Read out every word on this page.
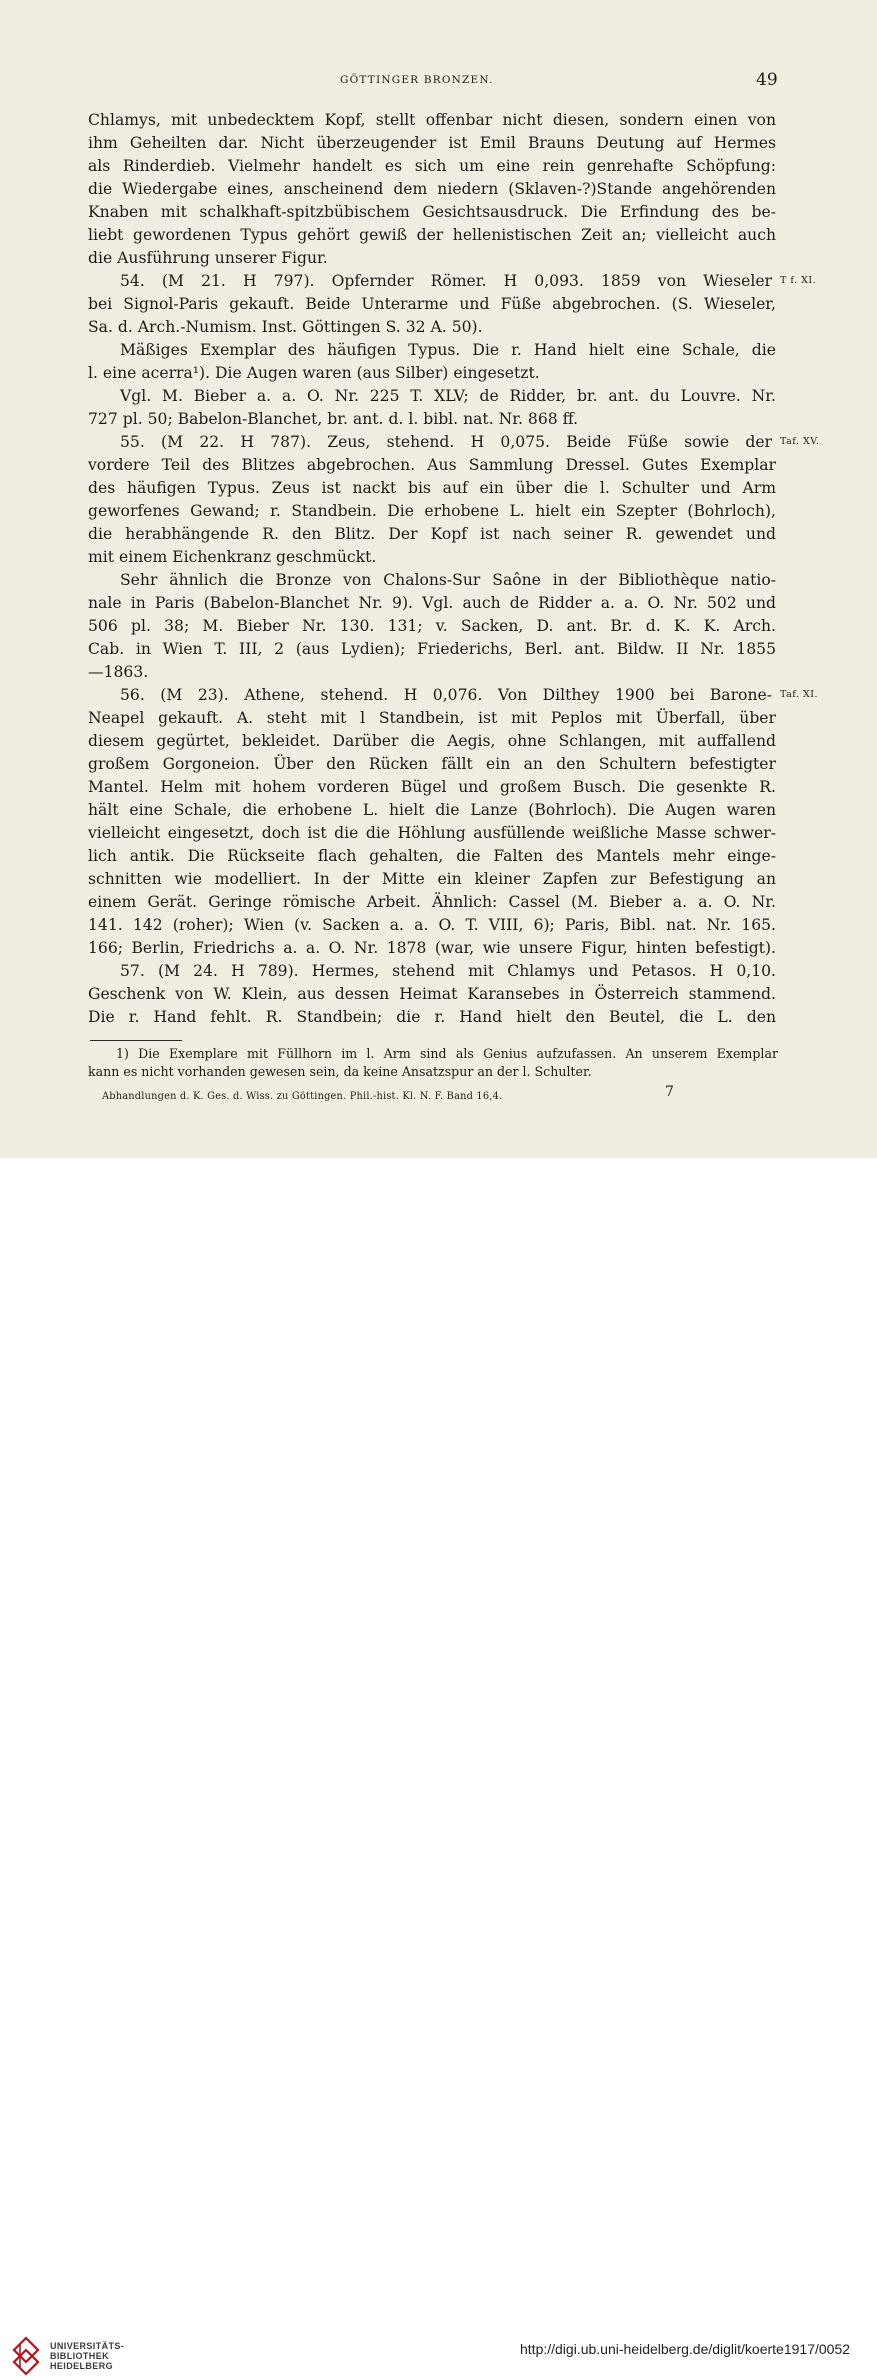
GÖTTINGER BRONZEN.	49
Chlamys, mit unbedecktem Kopf, stellt offenbar nicht diesen, sondern einen von
ihm Geheilten dar. Nicht überzeugender ist Emil Brauns Deutung auf Hermes
als Rinderdieb. Vielmehr handelt es sich um eine rein genrehafte Schöpfung:
die Wiedergabe eines, anscheinend dem niedern (Sklaven-?)Stande angehörenden
Knaben mit schalkhaft-spitzbübischem Gesichtsausdruck. Die Erfindung des be-
liebt gewordenen Typus gehört gewiß der hellenistischen Zeit an; vielleicht auch
die Ausführung unserer Figur.
54. (M 21. H 797). Opfernder Römer. H 0,093. 1859 von Wieseler T f. XI.
bei Signol-Paris gekauft. Beide Unterarme und Füße abgebrochen. (S. Wieseler,
Sa. d. Arch.-Numism. Inst. Göttingen S. 32 A. 50).
Mäßiges Exemplar des häufigen Typus. Die r. Hand hielt eine Schale, die
l. eine acerra¹). Die Augen waren (aus Silber) eingesetzt.
Vgl. M. Bieber a. a. O. Nr. 225 T. XLV; de Ridder, br. ant. du Louvre. Nr.
727 pl. 50; Babelon-Blanchet, br. ant. d. l. bibl. nat. Nr. 868 ff.
55. (M 22. H 787). Zeus, stehend. H 0,075. Beide Füße sowie der Taf. XV.
vordere Teil des Blitzes abgebrochen. Aus Sammlung Dressel. Gutes Exemplar
des häufigen Typus. Zeus ist nackt bis auf ein über die l. Schulter und Arm
geworfenes Gewand; r. Standbein. Die erhobene L. hielt ein Szepter (Bohrloch),
die herabhängende R. den Blitz. Der Kopf ist nach seiner R. gewendet und
mit einem Eichenkranz geschmückt.
Sehr ähnlich die Bronze von Chalons-Sur Saône in der Bibliothèque natio-
nale in Paris (Babelon-Blanchet Nr. 9). Vgl. auch de Ridder a. a. O. Nr. 502 und
506 pl. 38; M. Bieber Nr. 130. 131; v. Sacken, D. ant. Br. d. K. K. Arch.
Cab. in Wien T. III, 2 (aus Lydien); Friederichs, Berl. ant. Bildw. II Nr. 1855
—1863.
56. (M 23). Athene, stehend. H 0,076. Von Dilthey 1900 bei Barone- Taf. XI.
Neapel gekauft. A. steht mit l Standbein, ist mit Peplos mit Überfall, über
diesem gegürtet, bekleidet. Darüber die Aegis, ohne Schlangen, mit auffallend
großem Gorgoneion. Über den Rücken fällt ein an den Schultern befestigter
Mantel. Helm mit hohem vorderen Bügel und großem Busch. Die gesenkte R.
hält eine Schale, die erhobene L. hielt die Lanze (Bohrloch). Die Augen waren
vielleicht eingesetzt, doch ist die die Höhlung ausfüllende weißliche Masse schwer-
lich antik. Die Rückseite flach gehalten, die Falten des Mantels mehr einge-
schnitten wie modelliert. In der Mitte ein kleiner Zapfen zur Befestigung an
einem Gerät. Geringe römische Arbeit. Ähnlich: Cassel (M. Bieber a. a. O. Nr.
141. 142 (roher); Wien (v. Sacken a. a. O. T. VIII, 6); Paris, Bibl. nat. Nr. 165.
166; Berlin, Friedrichs a. a. O. Nr. 1878 (war, wie unsere Figur, hinten befestigt).
57. (M 24. H 789). Hermes, stehend mit Chlamys und Petasos. H 0,10.
Geschenk von W. Klein, aus dessen Heimat Karansebes in Österreich stammend.
Die r. Hand fehlt. R. Standbein; die r. Hand hielt den Beutel, die L. den
1) Die Exemplare mit Füllhorn im l. Arm sind als Genius aufzufassen. An unserem Exemplar
kann es nicht vorhanden gewesen sein, da keine Ansatzspur an der l. Schulter.
Abhandlungen d. K. Ges. d. Wiss. zu Göttingen. Phil.-hist. Kl. N. F. Band 16,4.	7
UNIVERSITÄTS-
BIBLIOTHEK
HEIDELBERG
http://digi.ub.uni-heidelberg.de/diglit/koerte1917/0052
